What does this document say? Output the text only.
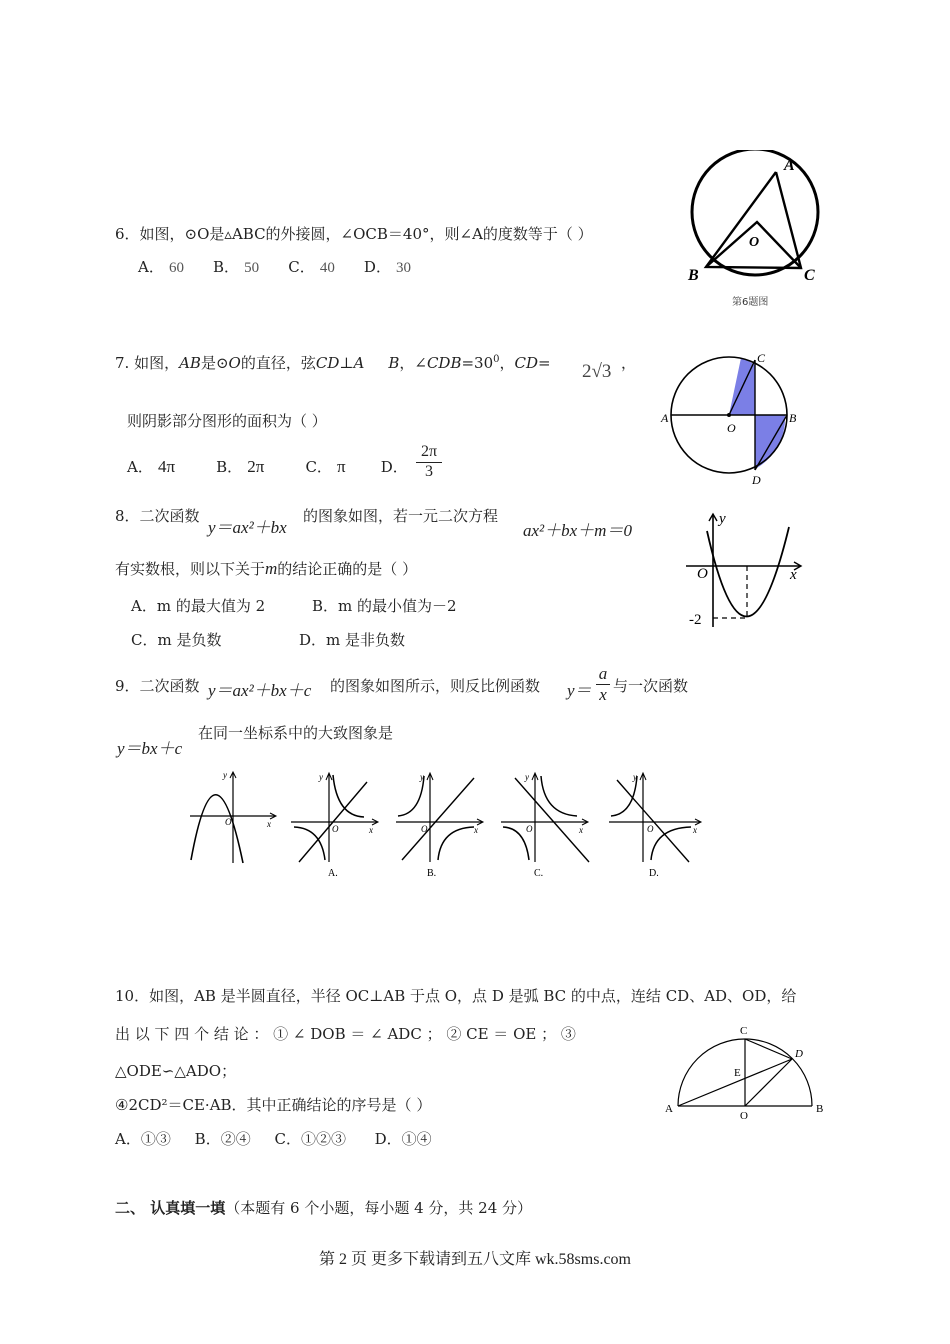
6．如图，⊙O是▵ABC的外接圆，∠OCB＝40°，则∠A的度数等于（ ）
A． 60 B． 50 C． 40 D． 30
A
O
B	C
第6题图
7. 如图，AB是⊙O的直径，弦CD⊥A B，$\angle CDB=30^0$，CD= 2√3 ，
则阴影部分图形的面积为（ ）
A． 4π	B． 2π	C． π D． $\frac{2\pi}{3}$
C
A
O
B
D
8．二次函数
y＝ax²＋bx
的图象如图，若一元二次方程
ax²＋bx＋m＝0
有实数根，则以下关于m的结论正确的是（ ）
A．m 的最大值为 2	B．m 的最小值为－2
C．m 是负数	D．m 是非负数
y
O	x
-2
9．二次函数 y＝ax²＋bx＋c 的图象如图所示，则反比例函数 $y= \frac{a}{x}$ 与一次函数
y＝bx＋c
在同一坐标系中的大致图象是
y
O	x
y
O	x
A.
y
O	x
B.
y
O	x
C.
y
O	x
D.
10．如图，AB 是半圆直径，半径 OC⊥AB 于点 O，点 D 是弧 BC 的中点，连结 CD、AD、OD，给
出 以 下 四 个 结 论 ： ① ∠ DOB ＝ ∠ ADC ； ② CE ＝ OE ； ③
△ODE∽△ADO；
④2CD²＝CE·AB．其中正确结论的序号是（ ）
A．①③     B．②④     C．①②③      D．①④
C
D
E
A
O
B
二、 认真填一填（本题有 6 个小题，每小题 4 分，共 24 分）
第 2 页 更多下载请到五八文库 wk.58sms.com
